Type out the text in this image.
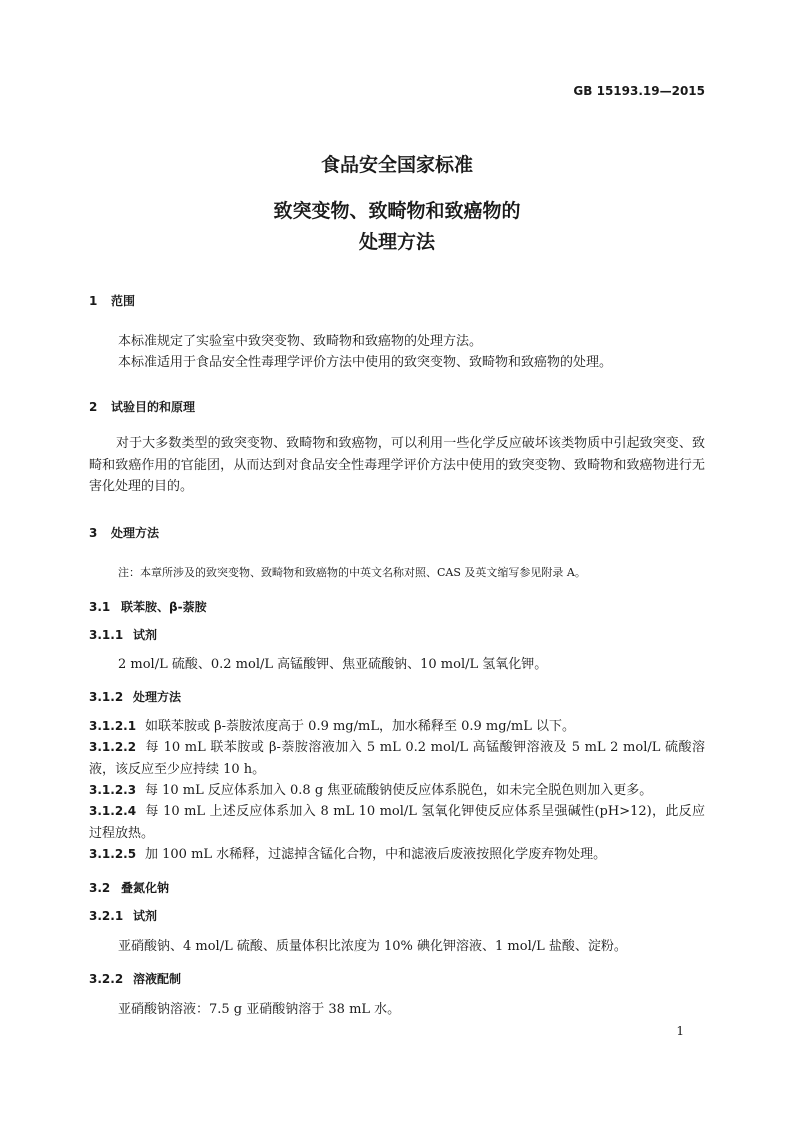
GB 15193.19—2015
食品安全国家标准
致突变物、致畸物和致癌物的
处理方法
1 范围
本标准规定了实验室中致突变物、致畸物和致癌物的处理方法。
本标准适用于食品安全性毒理学评价方法中使用的致突变物、致畸物和致癌物的处理。
2 试验目的和原理
对于大多数类型的致突变物、致畸物和致癌物，可以利用一些化学反应破坏该类物质中引起致突变、致畸和致癌作用的官能团，从而达到对食品安全性毒理学评价方法中使用的致突变物、致畸物和致癌物进行无害化处理的目的。
3 处理方法
注：本章所涉及的致突变物、致畸物和致癌物的中英文名称对照、CAS 及英文缩写参见附录 A。
3.1 联苯胺、β-萘胺
3.1.1 试剂
2 mol/L 硫酸、0.2 mol/L 高锰酸钾、焦亚硫酸钠、10 mol/L 氢氧化钾。
3.1.2 处理方法
3.1.2.1 如联苯胺或 β-萘胺浓度高于 0.9 mg/mL，加水稀释至 0.9 mg/mL 以下。
3.1.2.2 每 10 mL 联苯胺或 β-萘胺溶液加入 5 mL 0.2 mol/L 高锰酸钾溶液及 5 mL 2 mol/L 硫酸溶液，该反应至少应持续 10 h。
3.1.2.3 每 10 mL 反应体系加入 0.8 g 焦亚硫酸钠使反应体系脱色，如未完全脱色则加入更多。
3.1.2.4 每 10 mL 上述反应体系加入 8 mL 10 mol/L 氢氧化钾使反应体系呈强碱性(pH>12)，此反应过程放热。
3.1.2.5 加 100 mL 水稀释，过滤掉含锰化合物，中和滤液后废液按照化学废弃物处理。
3.2 叠氮化钠
3.2.1 试剂
亚硝酸钠、4 mol/L 硫酸、质量体积比浓度为 10% 碘化钾溶液、1 mol/L 盐酸、淀粉。
3.2.2 溶液配制
亚硝酸钠溶液：7.5 g 亚硝酸钠溶于 38 mL 水。
1
